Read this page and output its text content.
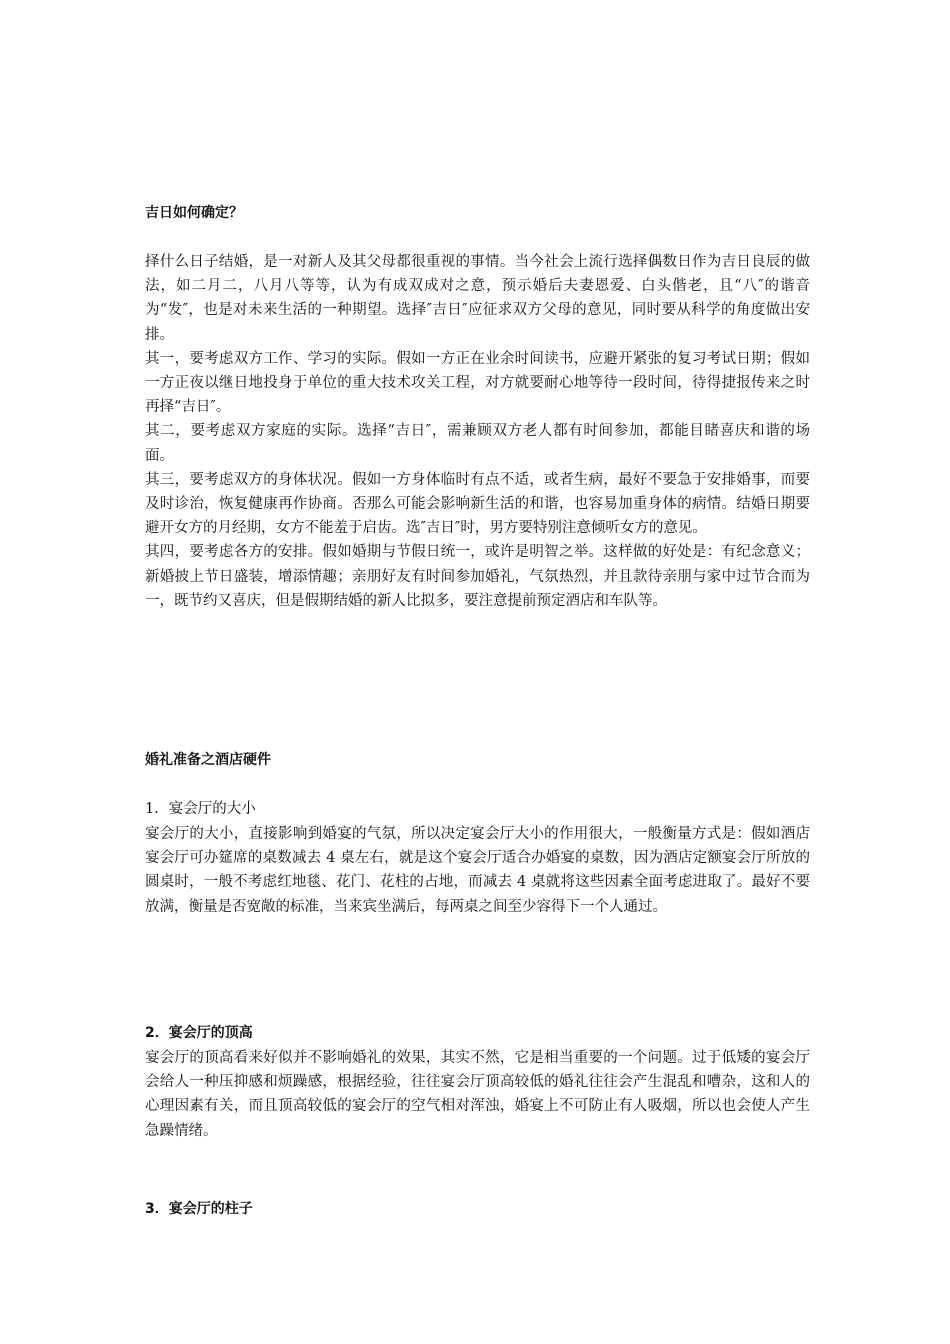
吉日如何确定？

择什么日子结婚，是一对新人及其父母都很重视的事情。当今社会上流行选择偶数日作为吉日良辰的做法，如二月二，八月八等等，认为有成双成对之意，预示婚后夫妻恩爱、白头偕老，且“八″的谐音为“发″，也是对未来生活的一种期望。选择″吉日″应征求双方父母的意见，同时要从科学的角度做出安排。

其一，要考虑双方工作、学习的实际。假如一方正在业余时间读书，应避开紧张的复习考试日期；假如一方正夜以继日地投身于单位的重大技术攻关工程，对方就要耐心地等待一段时间，待得捷报传来之时再择“吉日″。

其二，要考虑双方家庭的实际。选择“吉日″，需兼顾双方老人都有时间参加，都能目睹喜庆和谐的场面。

其三，要考虑双方的身体状况。假如一方身体临时有点不适，或者生病，最好不要急于安排婚事，而要及时诊治，恢复健康再作协商。否那么可能会影响新生活的和谐，也容易加重身体的病情。结婚日期要避开女方的月经期，女方不能羞于启齿。选″吉日″时，男方要特别注意倾听女方的意见。

其四，要考虑各方的安排。假如婚期与节假日统一，或许是明智之举。这样做的好处是：有纪念意义；新婚披上节日盛装，增添情趣；亲朋好友有时间参加婚礼，气氛热烈，并且款待亲朋与家中过节合而为一，既节约又喜庆，但是假期结婚的新人比拟多，要注意提前预定酒店和车队等。

婚礼准备之酒店硬件
1．宴会厅的大小

宴会厅的大小，直接影响到婚宴的气氛，所以决定宴会厅大小的作用很大，一般衡量方式是：假如酒店宴会厅可办筵席的桌数减去 4 桌左右，就是这个宴会厅适合办婚宴的桌数，因为酒店定额宴会厅所放的圆桌时，一般不考虑红地毯、花门、花柱的占地，而减去 4 桌就将这些因素全面考虑进取了。最好不要放满，衡量是否宽敞的标准，当来宾坐满后，每两桌之间至少容得下一个人通过。

2．宴会厅的顶高

宴会厅的顶高看来好似并不影响婚礼的效果，其实不然，它是相当重要的一个问题。过于低矮的宴会厅会给人一种压抑感和烦躁感，根据经验，往往宴会厅顶高较低的婚礼往往会产生混乱和嘈杂，这和人的心理因素有关，而且顶高较低的宴会厅的空气相对浑浊，婚宴上不可防止有人吸烟，所以也会使人产生急躁情绪。

3．宴会厅的柱子
